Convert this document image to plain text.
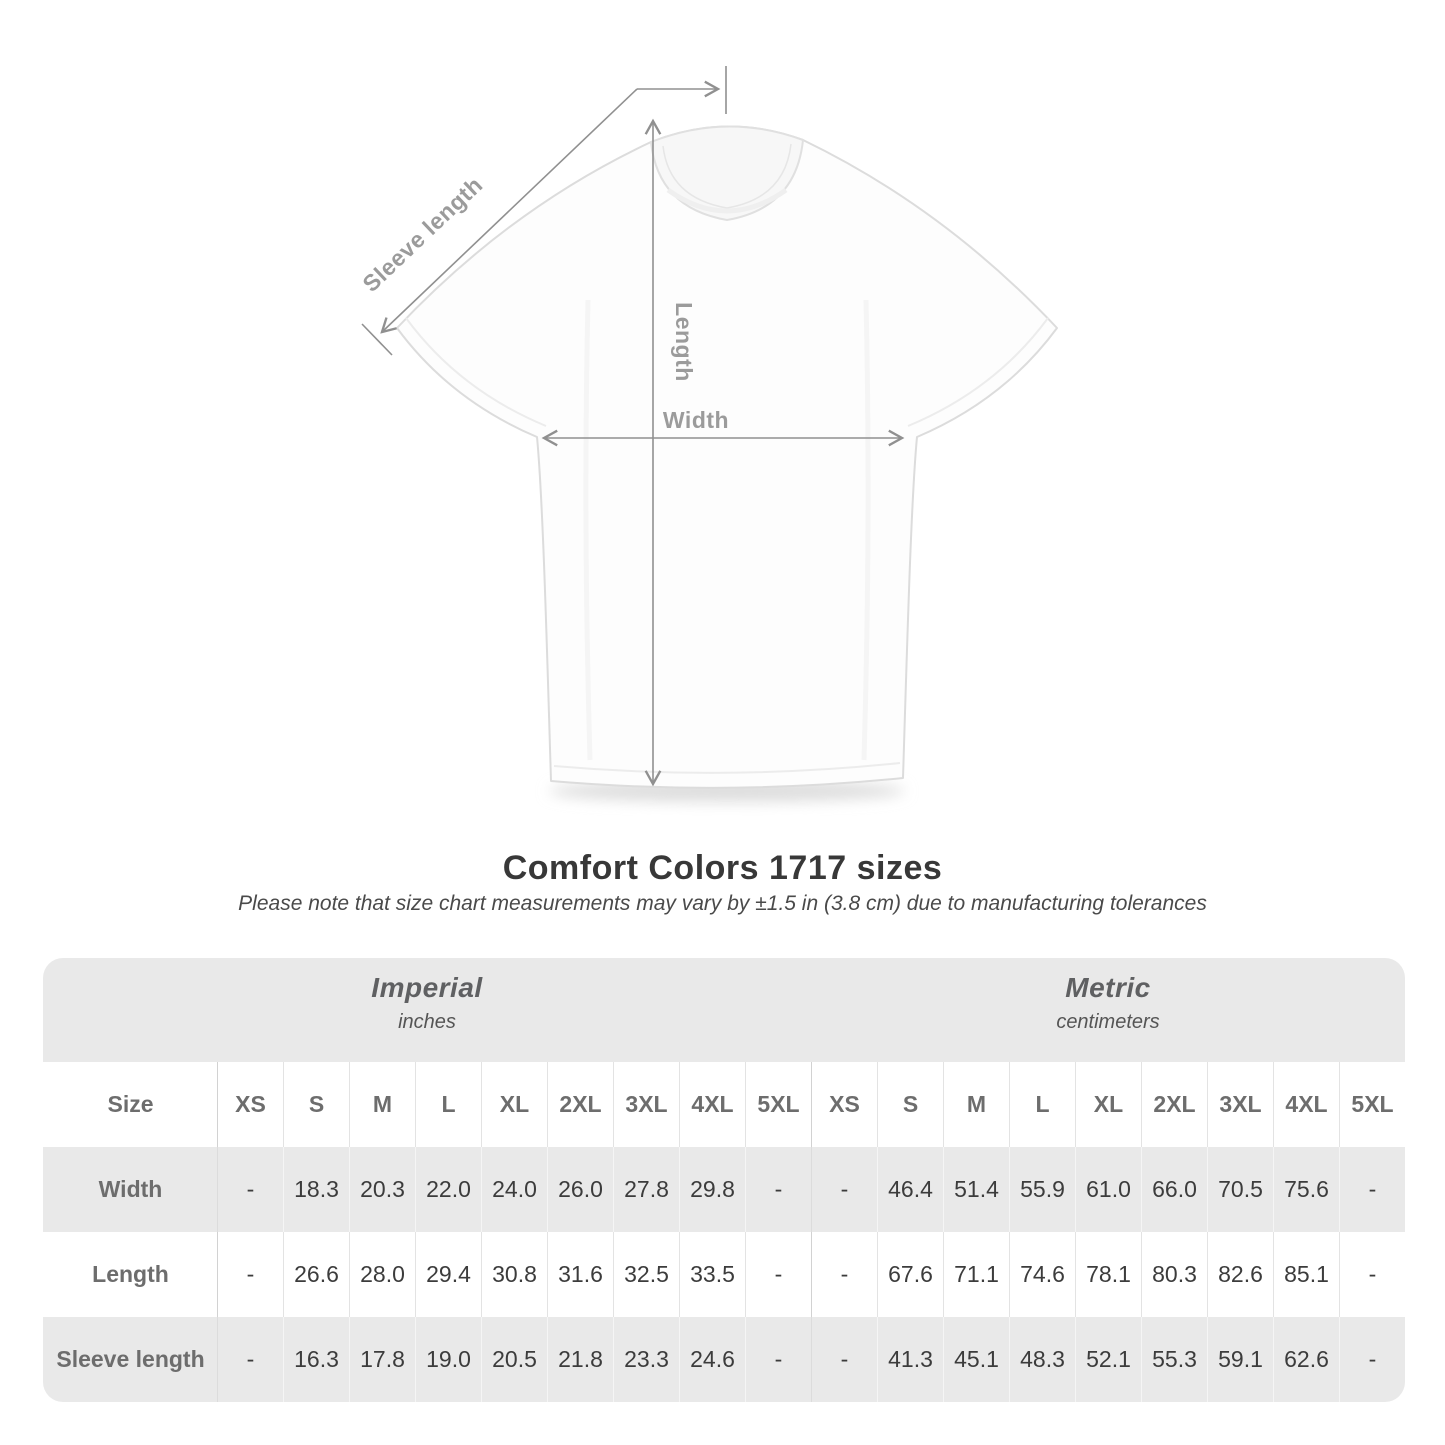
Sleeve length
Length
Width
Comfort Colors 1717 sizes
Please note that size chart measurements may vary by ±1.5 in (3.8 cm) due to manufacturing tolerances
Imperial
inches
Metric
centimeters
Size	XS	S	M	L	XL	2XL	3XL	4XL	5XL	XS	S	M	L	XL	2XL	3XL	4XL	5XL
Width	-	18.3 20.3 22.0 24.0 26.0 27.8 29.8	-	-	46.4 51.4 55.9 61.0 66.0 70.5 75.6	-
Length	-	26.6 28.0 29.4 30.8 31.6 32.5 33.5	-	-	67.6 71.1 74.6 78.1 80.3 82.6 85.1	-
Sleeve length	-	16.3 17.8 19.0 20.5 21.8 23.3 24.6	-	-	41.3 45.1 48.3 52.1 55.3 59.1 62.6	-
